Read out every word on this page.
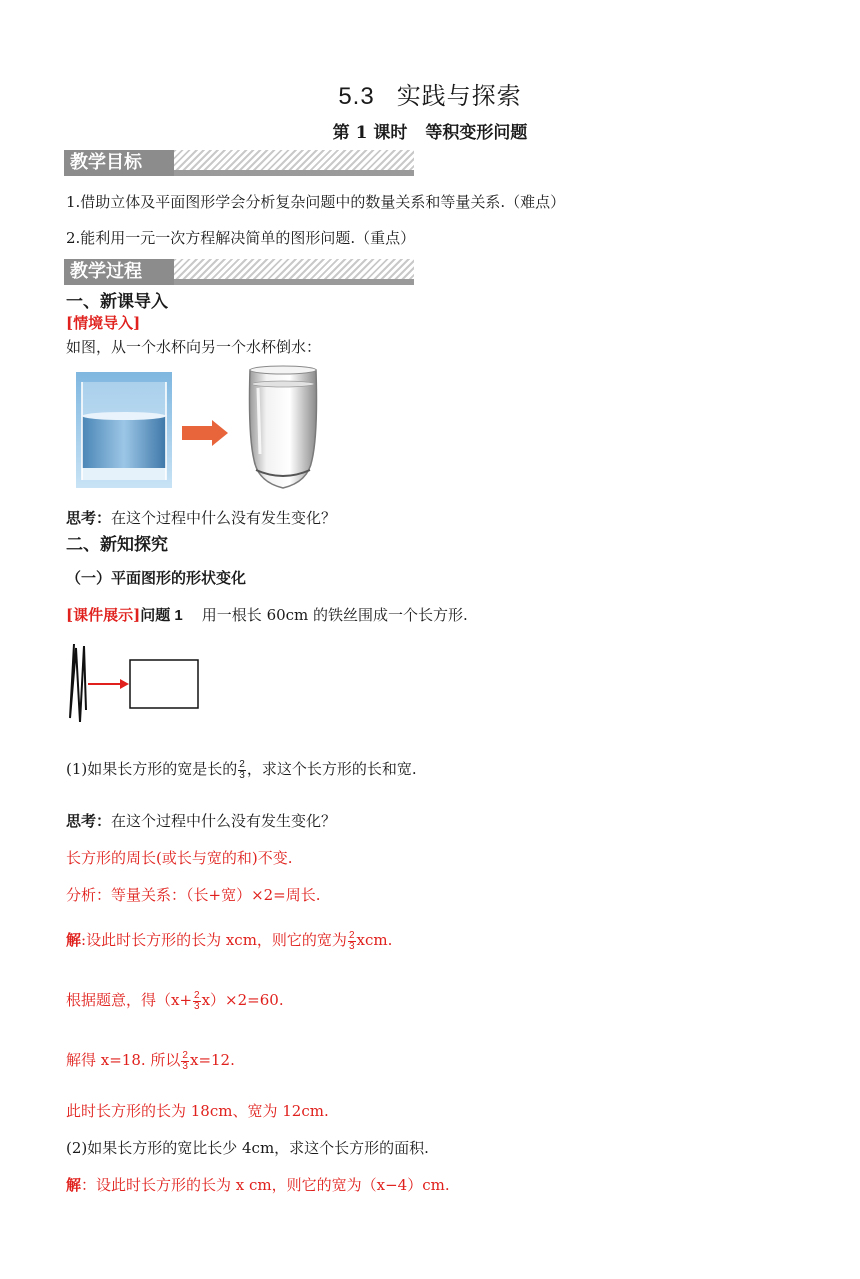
5.3 实践与探索
第 1 课时 等积变形问题
教学目标
1.借助立体及平面图形学会分析复杂问题中的数量关系和等量关系.（难点）
2.能利用一元一次方程解决简单的图形问题.（重点）
教学过程
一、新课导入
[情境导入]
如图，从一个水杯向另一个水杯倒水：
思考：在这个过程中什么没有发生变化？
二、新知探究
（一）平面图形的形状变化
[课件展示]问题 1 用一根长 60cm 的铁丝围成一个长方形.
(1)如果长方形的宽是长的 $\frac{2}{3}$ ，求这个长方形的长和宽.
思考：在这个过程中什么没有发生变化？
长方形的周长(或长与宽的和)不变.
分析：等量关系：（长+宽）×2=周长.
解:设此时长方形的长为 xcm，则它的宽为 $\frac{2}{3}$ xcm.
根据题意，得$(x+ \frac{2}{3} x)\times 2=60$.
解得 x=18. 所以 $\frac{2}{3} x=12$.
此时长方形的长为 18cm、宽为 12cm.
(2)如果长方形的宽比长少 4cm，求这个长方形的面积.
解：设此时长方形的长为 x cm，则它的宽为（x−4）cm.
